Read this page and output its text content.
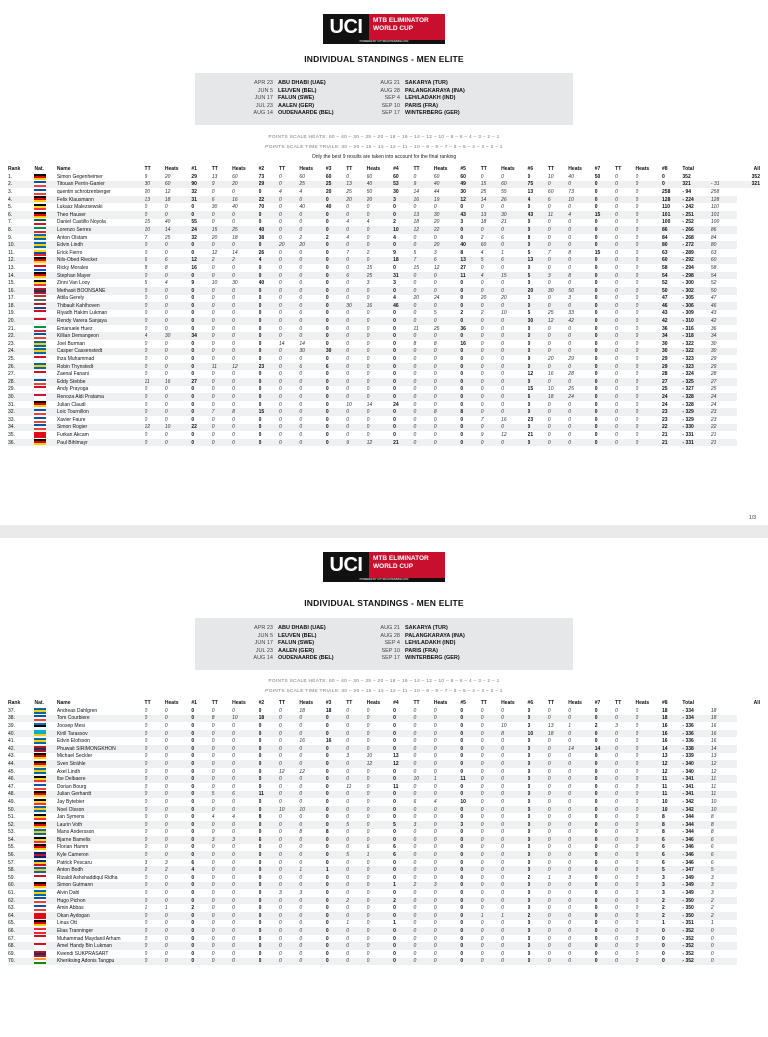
UCI	MTB ELIMINATOR
WORLD CUP
POWERED BY CITYMOUNTAINBIKE.COM
INDIVIDUAL STANDINGS - MEN ELITE
APR 23 ABU DHABI (UAE)
JUN 5 LEUVEN (BEL)
JUN 17 FALUN (SWE)
JUL 23 AALEN (GER)
AUG 14 OUDENAARDE (BEL)
AUG 21 SAKARYA (TUR)
AUG 28 PALANGKARAYA (INA)
SEP 4 LEH/LADAKH (IND)
SEP 10 PARIS (FRA)
SEP 17 WINTERBERG (GER)
POINTS SCALE HEATS: 60 – 40 – 30 – 25 – 20 – 18 – 16 – 14 – 12 – 10 – 8 – 6 – 4 – 3 – 2 – 1
POINTS SCALE TIME TRIALS: 30 – 20 – 15 – 13 – 12 – 11 – 10 – 9 – 8 – 7 – 6 – 5 – 4 – 3 – 2 – 1
Only the best 9 results are taken into account for the final ranking
Rank	Nat.	Name	TT	Heats	#1	TT	Heats	#2	TT	Heats	#3	TT	Heats	#4	TT	Heats	#5	TT	Heats	#6	TT	Heats	#7	TT	Heats	#8	Total		All
1.		Simon Gegenheimer	9	20	29	13	60	73	0	60	60	0	60	60	0	60	60	0	0	0	10	40	50	0	0	0	352		352
2.		Titouan Perrin-Ganier	30	60	90	9	20	29	0	25	25	13	40	53	9	40	49	15	60	75	0	0	0	0	0	0	321	- 31	321
3.		quentin schrotzenberger	20	12	32	0	0	0	4	4	20	25	50	30	14	44	30	25	55	13	60	73	0	0	0	258	- 94	258	
4.		Felix Klausmann	13	18	31	6	16	22	0	0	0	20	20	3	16	19	12	14	26	4	6	10	0	0	0	128	- 224	128	
5.		Lukasz Malezsewski	0	0	0	30	40	70	0	40	40	0	0	0	0	0	0	0	0	0	0	0	0	0	0	110	- 242	110	
6.		Theo Hauser	0	0	0	0	0	0	0	0	0	0	0	0	13	30	43	13	30	43	11	4	15	0	0	101	- 251	101	
7.		Daniel Castillo Noyola	15	40	55	0	0	0	0	0	0	4	4	2	18	20	3	18	21	0	0	0	0	0	0	100	- 252	100	
8.		Lorenzo Serres	10	14	24	15	25	40	0	0	0	0	0	10	12	22	0	0	0	0	0	0	0	0	0	86	- 266	86	
9.		Anton Olstam	7	25	32	20	18	38	0	2	2	4	0	4	0	0	0	2	6	8	0	0	0	0	0	84	- 268	84	
10.		Edvin Lindh	0	0	0	0	0	0	20	20	0	0	0	0	0	20	40	60	0	0	0	0	0	0	0	80	- 272	80	
11.		Erick Fierro	0	0	0	12	14	26	0	0	0	7	2	9	5	3	8	4	1	5	7	8	15	0	0	63	- 289	63	
12.		Nils-Obed Riecker	6	6	12	2	2	4	0	0	0	0	0	18	7	6	13	5	6	13	0	0	0	0	0	60	- 292	60	
13.		Ricky Morales	8	8	16	0	0	0	0	0	0	0	15	0	15	12	27	0	0	0	0	0	0	0	0	58	- 294	58	
14.		Stephan Mayer	0	0	0	0	0	0	0	0	0	6	25	31	0	0	11	4	15	5	3	8	0	0	0	54	- 298	54	
15.		Zinni Van Looy	5	4	9	10	30	40	0	0	0	0	3	3	0	0	0	0	0	0	0	0	0	0	0	52	- 300	52	
16.		Methasit BOONSANE	0	0	0	0	0	0	0	0	0	0	0	0	0	0	0	0	0	20	30	50	0	0	0	50	- 302	50	
17.		Attila Gerely	0	0	0	0	0	0	0	0	0	0	0	4	20	24	0	20	20	3	0	3	0	0	0	47	- 305	47	
18.		Thibault Kahlhoven	0	0	0	0	0	0	0	0	0	30	16	46	0	0	0	0	0	0	0	0	0	0	0	46	- 306	46	
19.		Riyadh Hakim Lukman	0	0	0	0	0	0	0	0	0	0	0	0	0	5	2	2	10	5	25	33	0	0	0	43	- 309	43	
20.		Rendy Varera Sanjaya	0	0	0	0	0	0	0	0	0	0	0	0	0	0	0	0	0	30	12	42	0	0	0	42	- 310	42	
21.		Emanuele Huez	0	0	0	0	0	0	0	0	0	0	0	0	11	25	36	0	0	0	0	0	0	0	0	36	- 316	36	
22.		Killian Demangeon	4	30	34	0	0	0	0	0	0	0	0	0	0	0	0	0	0	0	0	0	0	0	0	34	- 318	34	
23.		Joel Burman	0	0	0	0	0	0	14	14	0	0	0	0	8	8	16	0	0	0	0	0	0	0	0	30	- 322	30	
24.		Casper Cassenstedt	0	0	0	0	0	0	0	30	30	0	0	0	0	0	0	0	0	0	0	0	0	0	0	30	- 322	30	
25.		Ihza Muhammad	0	0	0	0	0	0	0	0	0	0	0	0	0	0	0	0	0	9	20	29	0	0	0	29	- 323	29	
26.		Robin Thynstedt	0	0	0	11	12	23	0	6	6	0	0	0	0	0	0	0	0	0	0	0	0	0	0	29	- 323	29	
27.		Zaenal Fanani	0	0	0	0	0	0	0	0	0	0	0	0	0	0	0	0	0	12	16	28	0	0	0	28	- 324	28	
28.		Eddy Stebbe	11	16	27	0	0	0	0	0	0	0	0	0	0	0	0	0	0	0	0	0	0	0	0	27	- 325	27	
29.		Andy Prayoga	0	0	0	0	0	0	0	0	0	0	0	0	0	0	0	0	0	15	10	25	0	0	0	25	- 327	25	
30.		Renoza Aldi Pratama	0	0	0	0	0	0	0	0	0	0	0	0	0	0	0	0	0	6	18	24	0	0	0	24	- 328	24	
31.		Julian Claudi	0	0	0	0	0	0	0	0	0	10	14	24	0	0	0	0	0	0	0	0	0	0	0	24	- 328	24	
32.		Loic Tournillon	0	0	0	7	8	15	0	0	0	0	0	0	0	8	8	0	0	0	0	0	0	0	0	23	- 329	23	
33.		Xavier Faure	0	0	0	0	0	0	0	0	0	0	0	0	0	0	0	7	16	23	0	0	0	0	0	23	- 329	23	
34.		Simon Rogier	12	10	22	0	0	0	0	0	0	0	0	0	0	0	0	0	0	0	0	0	0	0	0	22	- 330	22	
35.		Furkan Akcam	0	0	0	0	0	0	0	0	0	0	0	0	0	0	0	9	12	21	0	0	0	0	0	21	- 331	21	
36.		Paul Bihlmayr	0	0	0	0	0	0	0	0	0	9	12	21	0	0	0	0	0	0	0	0	0	0	0	21	- 331	21	
1/3
UCI	MTB ELIMINATOR
WORLD CUP
POWERED BY CITYMOUNTAINBIKE.COM
INDIVIDUAL STANDINGS - MEN ELITE
APR 23 ABU DHABI (UAE)
JUN 5 LEUVEN (BEL)
JUN 17 FALUN (SWE)
JUL 23 AALEN (GER)
AUG 14 OUDENAARDE (BEL)
AUG 21 SAKARYA (TUR)
AUG 28 PALANGKARAYA (INA)
SEP 4 LEH/LADAKH (IND)
SEP 10 PARIS (FRA)
SEP 17 WINTERBERG (GER)
POINTS SCALE HEATS: 60 – 40 – 30 – 25 – 20 – 18 – 16 – 14 – 12 – 10 – 8 – 6 – 4 – 3 – 2 – 1
POINTS SCALE TIME TRIALS: 30 – 20 – 15 – 13 – 12 – 11 – 10 – 9 – 8 – 7 – 6 – 5 – 4 – 3 – 2 – 1
Rank	Nat.	Name	TT	Heats	#1	TT	Heats	#2	TT	Heats	#3	TT	Heats	#4	TT	Heats	#5	TT	Heats	#6	TT	Heats	#7	TT	Heats	#8	Total		All
37.		Andreas Dahlgren	0	0	0	0	0	0	0	18	18	0	0	0	0	0	0	0	0	0	0	0	0	0	0	18	- 334	18	
38.		Tom Courbiere	0	0	0	8	10	18	0	0	0	0	0	0	0	0	0	0	0	0	0	0	0	0	0	18	- 334	18	
39.		Joosep Mesi	0	0	0	0	0	0	0	0	0	0	0	0	0	0	0	0	10	3	13	1	2	3	0	16	- 336	16	
40.		Kirill Tarassov	0	0	0	0	0	0	0	0	0	0	0	0	0	0	0	0	8	10	18	0	0	0	0	16	- 336	16	
41.		Edvin Elofsson	0	0	0	0	0	0	0	16	16	0	0	0	0	0	0	0	0	0	0	0	0	0	0	16	- 336	16	
42.		Phuwait SIRIMONGKHON	0	0	0	0	0	0	0	0	0	0	0	0	0	0	0	0	0	0	0	14	14	0	0	14	- 338	14	
43.		Michael Seckler	0	0	0	0	0	0	0	0	0	3	10	13	0	0	0	0	0	0	0	0	0	0	0	13	- 339	13	
44.		Sven Strähle	0	0	0	0	0	0	0	0	0	0	12	12	0	0	0	0	0	0	0	0	0	0	0	12	- 340	12	
45.		Axel Lindh	0	0	0	0	0	0	12	12	0	0	0	0	0	0	0	0	0	0	0	0	0	0	0	12	- 340	12	
46.		Ibe Delbaere	0	0	0	0	0	0	0	0	0	0	0	0	10	1	11	0	0	0	0	0	0	0	0	11	- 341	11	
47.		Dorian Bourg	0	0	0	0	0	0	0	0	0	11	0	11	0	0	0	0	0	0	0	0	0	0	0	11	- 341	11	
48.		Julian Gerhardt	0	0	0	5	6	11	0	0	0	0	0	0	0	0	0	0	0	0	0	0	0	0	0	11	- 341	11	
49.		Jay Bytebier	0	0	0	0	0	0	0	0	0	0	0	0	6	4	10	0	0	0	0	0	0	0	0	10	- 342	10	
50.		Noel Olsson	0	0	0	0	0	0	10	10	0	0	0	0	0	0	0	0	0	0	0	0	0	0	0	10	- 342	10	
51.		Jan Symens	0	0	0	4	4	8	0	0	0	0	0	0	0	0	0	0	0	0	0	0	0	0	0	8	- 344	8	
52.		Laurin Voth	0	0	0	0	0	0	0	0	0	5	0	5	3	0	3	0	0	0	0	0	0	0	0	8	- 344	8	
53.		Mans Andersson	0	0	0	0	0	0	0	8	8	0	0	0	0	0	0	0	0	0	0	0	0	0	0	8	- 344	8	
54.		Bjarne Bamelis	0	0	0	3	3	6	0	0	0	0	0	0	0	0	0	0	0	0	0	0	0	0	0	6	- 346	6	
55.		Florian Hamm	0	0	0	0	0	0	0	0	0	0	6	6	0	0	0	0	0	0	0	0	0	0	0	6	- 346	6	
56.		Kyle Cameron	0	0	0	0	0	0	0	0	0	5	1	6	0	0	0	0	0	0	0	0	0	0	0	6	- 346	6	
57.		Patrick Pescaru	3	3	6	0	0	0	0	0	0	0	0	0	0	0	0	0	0	0	0	0	0	0	0	6	- 346	6	
58.		Anton Bodh	2	2	4	0	0	0	0	1	1	0	0	0	0	0	0	0	0	0	0	0	0	0	0	5	- 347	5	
59.		Rizaldi Ashshaddiqul Ridha	0	0	0	0	0	0	0	0	0	0	0	0	0	0	0	0	0	2	1	3	0	0	0	3	- 349	3	
60.		Simon Gutmann	0	0	0	0	0	0	0	0	0	0	0	1	2	3	0	0	0	0	0	0	0	0	0	3	- 349	3	
61.		Alvin Dahl	0	0	0	0	0	0	3	3	0	0	0	0	0	0	0	0	0	0	0	0	0	0	0	3	- 349	3	
62.		Hugo Pichon	0	0	0	0	0	0	0	0	0	2	0	2	0	0	0	0	0	0	0	0	0	0	0	2	- 350	2	
63.		Amin Abbas	1	1	2	0	0	0	0	0	0	0	0	0	0	0	0	0	0	0	0	0	0	0	0	2	- 350	2	
64.		Okan Aydogan	0	0	0	0	0	0	0	0	0	0	0	0	0	0	0	1	1	2	0	0	0	0	0	2	- 350	2	
65.		Linus Ott	0	0	0	0	0	0	0	0	0	1	0	1	0	0	0	0	0	0	0	0	0	0	0	1	- 351	1	
66.		Elias Tranninger	0	0	0	0	0	0	0	0	0	0	0	0	0	0	0	0	0	0	0	0	0	0	0	0	- 352	0	
67.		Muhammad Maydanil Arham	0	0	0	0	0	0	0	0	0	0	0	0	0	0	0	0	0	0	0	0	0	0	0	0	- 352	0	
68.		Amel Handy Bin Lukman	0	0	0	0	0	0	0	0	0	0	0	0	0	0	0	0	0	0	0	0	0	0	0	0	- 352	0	
69.		Kwendi SUKPRASART	0	0	0	0	0	0	0	0	0	0	0	0	0	0	0	0	0	0	0	0	0	0	0	0	- 352	0	
70.		Kheriksing Adonis Tangpu	0	0	0	0	0	0	0	0	0	0	0	0	0	0	0	0	0	0	0	0	0	0	0	0	- 352	0	
